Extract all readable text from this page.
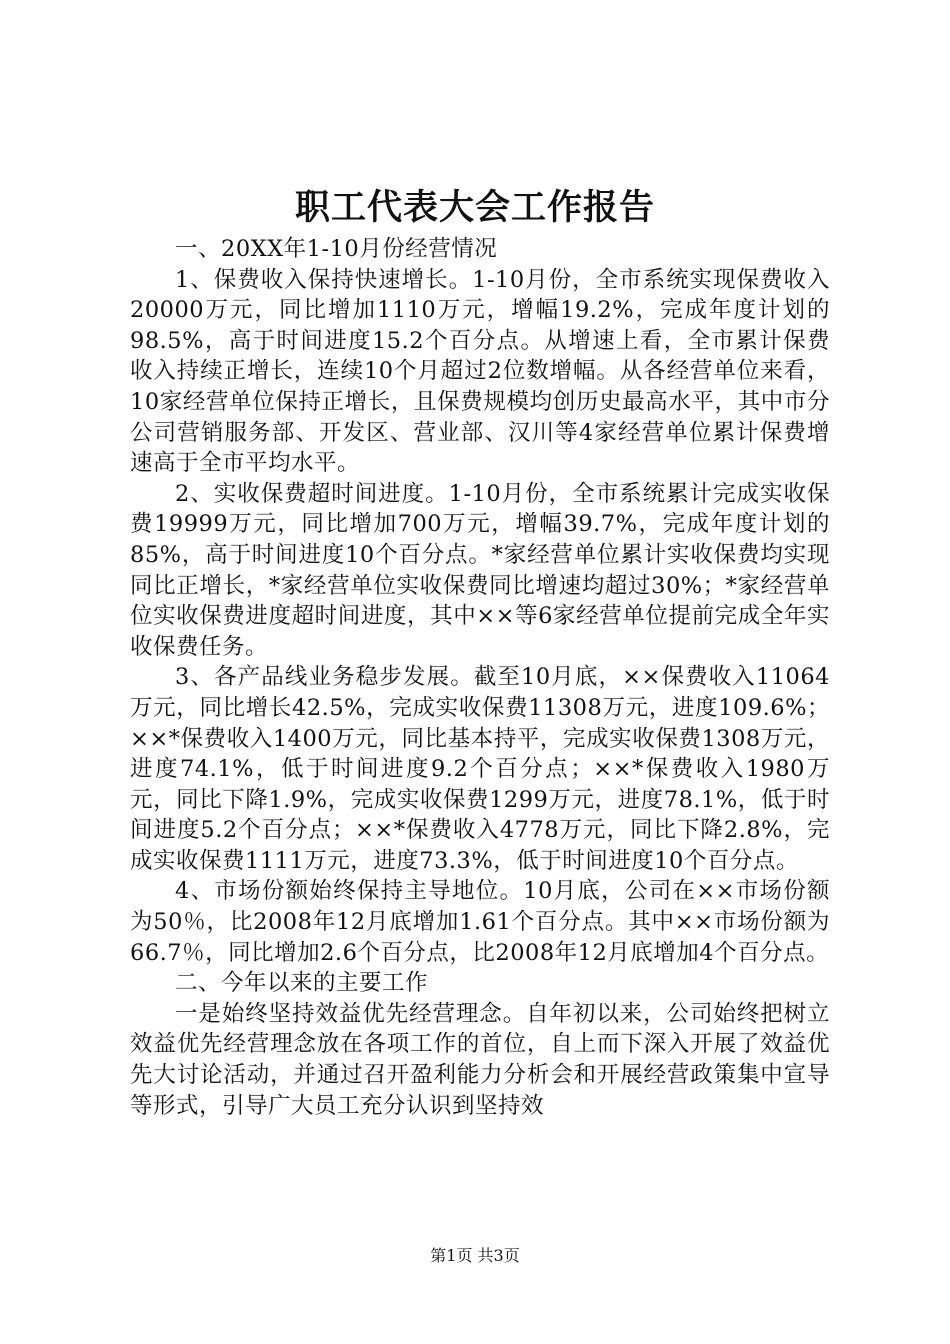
职工代表大会工作报告

一、20XX年1-10月份经营情况

1、保费收入保持快速增长。1-10月份，全市系统实现保费收入20000万元，同比增加1110万元，增幅19.2%，完成年度计划的98.5%，高于时间进度15.2个百分点。从增速上看，全市累计保费收入持续正增长，连续10个月超过2位数增幅。从各经营单位来看，10家经营单位保持正增长，且保费规模均创历史最高水平，其中市分公司营销服务部、开发区、营业部、汉川等4家经营单位累计保费增速高于全市平均水平。

2、实收保费超时间进度。1-10月份，全市系统累计完成实收保费19999万元，同比增加700万元，增幅39.7%，完成年度计划的85%，高于时间进度10个百分点。*家经营单位累计实收保费均实现同比正增长，*家经营单位实收保费同比增速均超过30%；*家经营单位实收保费进度超时间进度，其中××等6家经营单位提前完成全年实收保费任务。

3、各产品线业务稳步发展。截至10月底，××保费收入11064万元，同比增长42.5%，完成实收保费11308万元，进度109.6%；××*保费收入1400万元，同比基本持平，完成实收保费1308万元，进度74.1%，低于时间进度9.2个百分点；××*保费收入1980万元，同比下降1.9%，完成实收保费1299万元，进度78.1%，低于时间进度5.2个百分点；××*保费收入4778万元，同比下降2.8%，完成实收保费1111万元，进度73.3%，低于时间进度10个百分点。

4、市场份额始终保持主导地位。10月底，公司在××市场份额为50％，比2008年12月底增加1.61个百分点。其中××市场份额为66.7％，同比增加2.6个百分点，比2008年12月底增加4个百分点。

二、今年以来的主要工作

一是始终坚持效益优先经营理念。自年初以来，公司始终把树立效益优先经营理念放在各项工作的首位，自上而下深入开展了效益优先大讨论活动，并通过召开盈利能力分析会和开展经营政策集中宣导等形式，引导广大员工充分认识到坚持效

第1页 共3页
